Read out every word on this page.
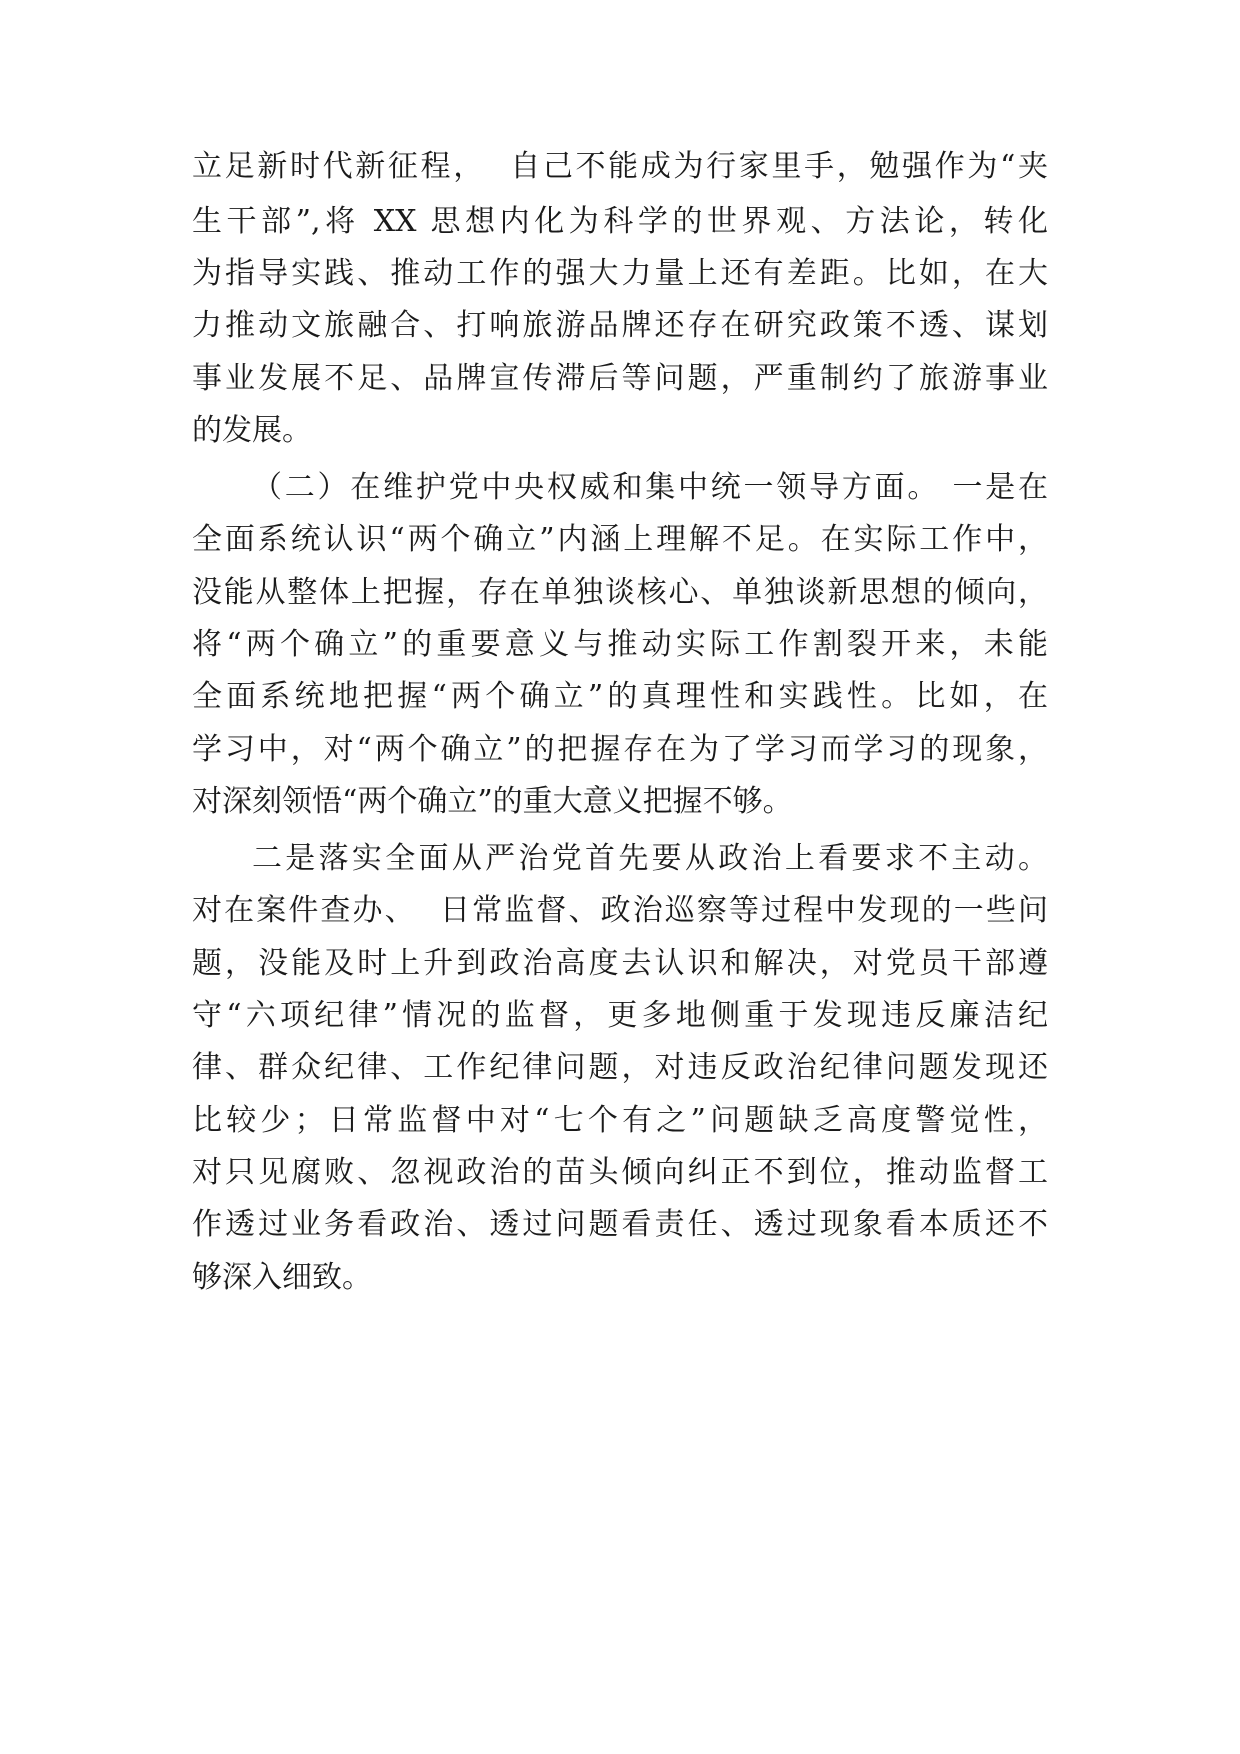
立足新时代新征程，  自己不能成为行家里手，勉强作为“夹
生干部”,将 XX 思想内化为科学的世界观、方法论，转化
为指导实践、推动工作的强大力量上还有差距。比如，在大
力推动文旅融合、打响旅游品牌还存在研究政策不透、谋划
事业发展不足、品牌宣传滞后等问题，严重制约了旅游事业
的发展。
（二）在维护党中央权威和集中统一领导方面。 一是在
全面系统认识“两个确立”内涵上理解不足。在实际工作中，
没能从整体上把握，存在单独谈核心、单独谈新思想的倾向，
将“两个确立”的重要意义与推动实际工作割裂开来，未能
全面系统地把握“两个确立”的真理性和实践性。比如，在
学习中，对“两个确立”的把握存在为了学习而学习的现象，
对深刻领悟“两个确立”的重大意义把握不够。
二是落实全面从严治党首先要从政治上看要求不主动。
对在案件查办、  日常监督、政治巡察等过程中发现的一些问
题，没能及时上升到政治高度去认识和解决，对党员干部遵
守“六项纪律”情况的监督，更多地侧重于发现违反廉洁纪
律、群众纪律、工作纪律问题，对违反政治纪律问题发现还
比较少；日常监督中对“七个有之”问题缺乏高度警觉性，
对只见腐败、忽视政治的苗头倾向纠正不到位，推动监督工
作透过业务看政治、透过问题看责任、透过现象看本质还不
够深入细致。
